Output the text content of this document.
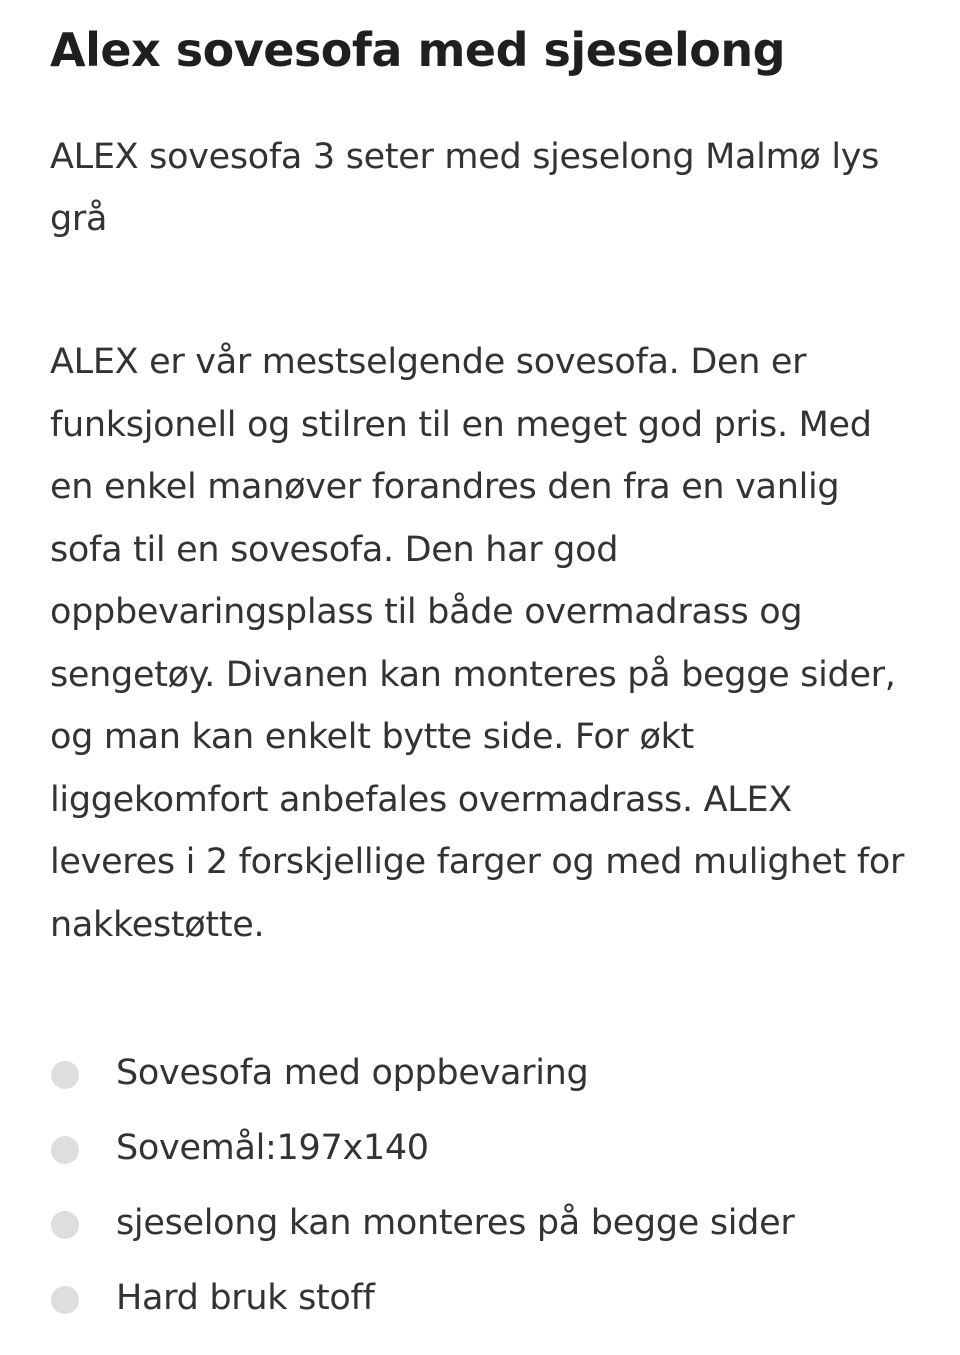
Alex sovesofa med sjeselong

ALEX sovesofa 3 seter med sjeselong Malmø lys grå

ALEX er vår mestselgende sovesofa. Den er funksjonell og stilren til en meget god pris. Med en enkel manøver forandres den fra en vanlig sofa til en sovesofa. Den har god oppbevaringsplass til både overmadrass og sengetøy. Divanen kan monteres på begge sider, og man kan enkelt bytte side. For økt liggekomfort anbefales overmadrass. ALEX leveres i 2 forskjellige farger og med mulighet for nakkestøtte.

Sovesofa med oppbevaring
Sovemål:197x140
sjeselong kan monteres på begge sider
Hard bruk stoff
